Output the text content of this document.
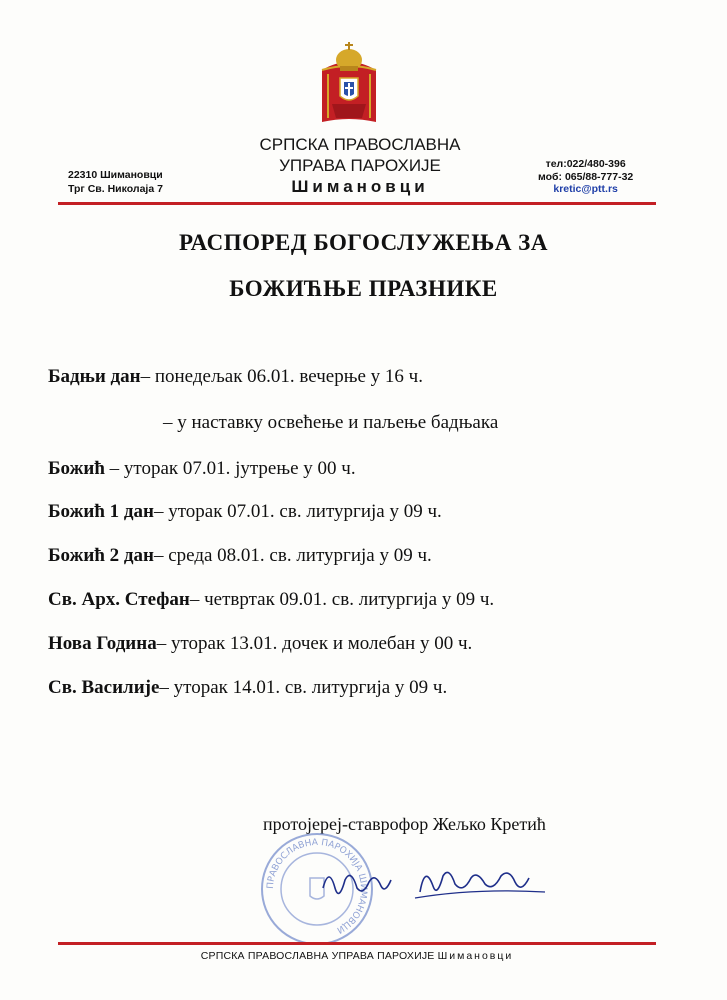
СРПСКА ПРАВОСЛАВНА
УПРАВА ПАРОХИЈЕ
Шимановци
22310 Шимановци
Трг Св. Николаја 7
тел:022/480-396
моб: 065/88-777-32
kretic@ptt.rs
РАСПОРЕД БОГОСЛУЖЕЊА ЗА
БОЖИЋЊЕ ПРАЗНИКЕ
Бадњи дан– понедељак 06.01. вечерње у 16 ч.
– у наставку освећење и паљење бадњака
Божић – уторак 07.01. јутрење у 00 ч.
Божић 1 дан– уторак 07.01. св. литургија у 09 ч.
Божић 2 дан– среда 08.01. св. литургија у 09 ч.
Св. Арх. Стефан– четвртак 09.01. св. литургија у 09 ч.
Нова Година– уторак 13.01. дочек и молебан у 00 ч.
Св. Василије– уторак 14.01. св. литургија у 09 ч.
протојереј-ставрофор Жељко Кретић
ПРАВОСЛАВНА ПАРОХИЈА ШИМАНОВЦИ
СРПСКА ПРАВОСЛАВНА УПРАВА ПАРОХИЈЕ Шимановци
